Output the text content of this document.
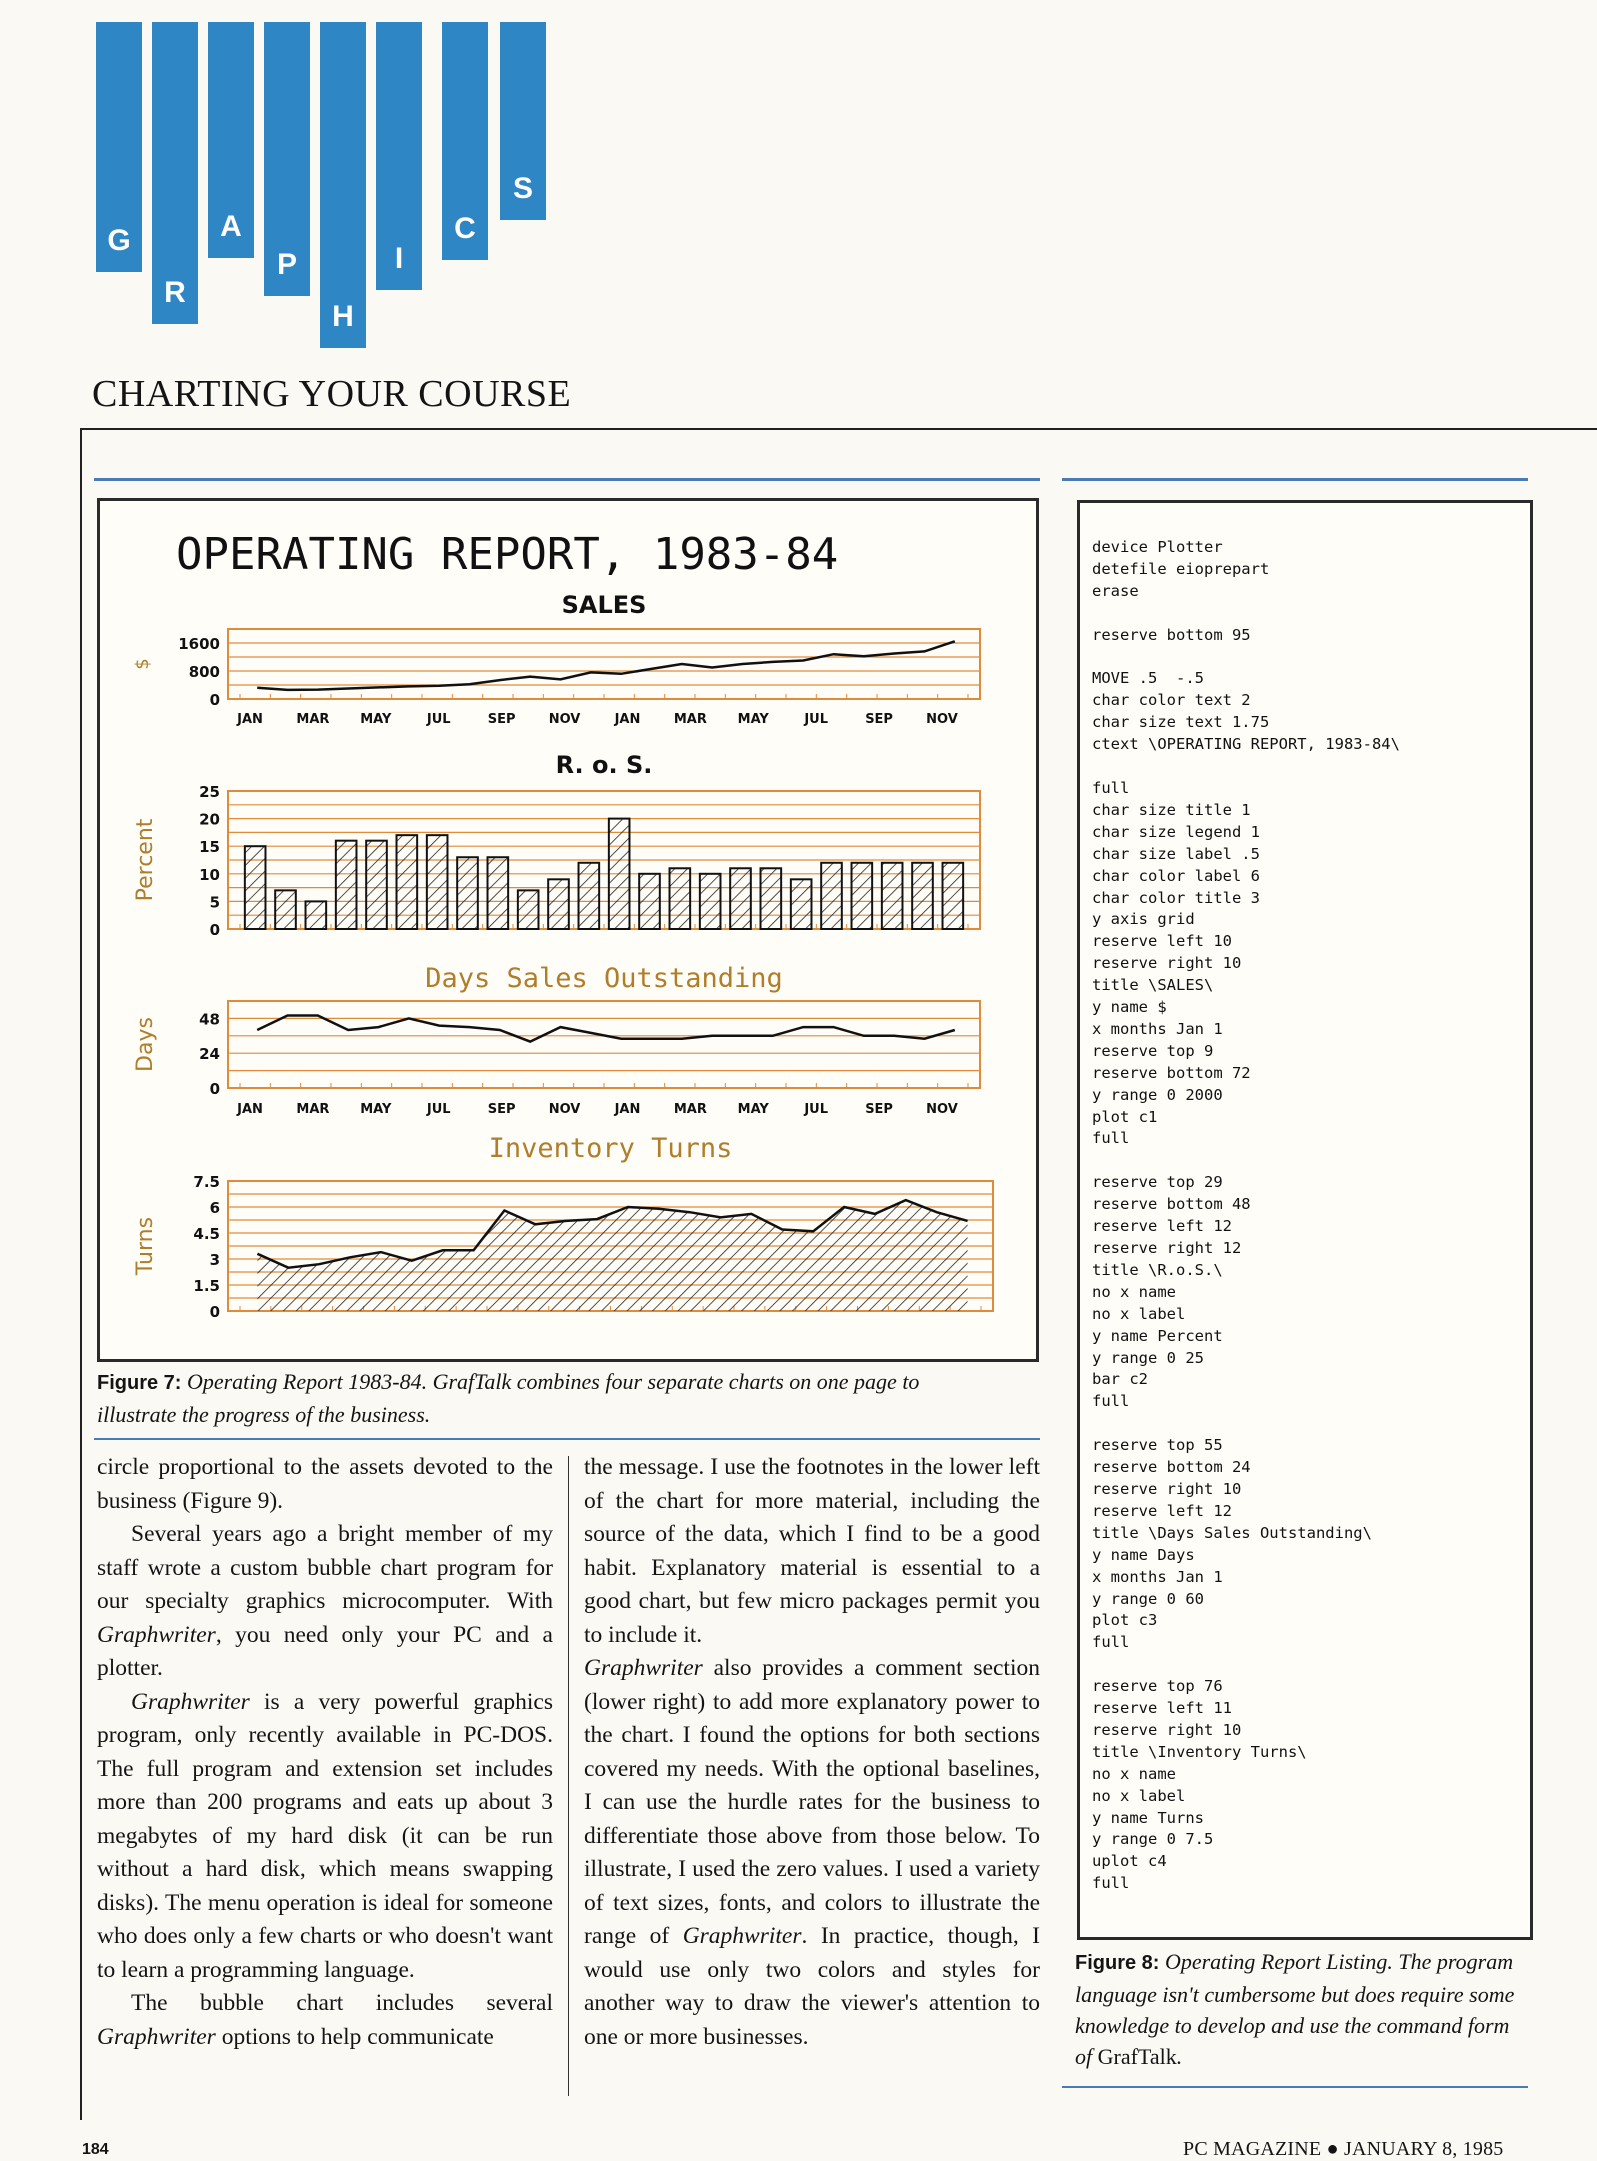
G
R
A
P
H
I
C
S
CHARTING YOUR COURSE
OPERATING REPORT, 1983-84
SALES
$
0
800
1600
JAN	MAR MAY	JUL	SEP	NOV	JAN	MAR MAY	JUL	SEP	NOV
R. o. S.
Percent
0
5
10
15
20
25
Days Sales Outstanding
Days
0
24
48
JAN	MAR MAY	JUL	SEP	NOV	JAN	MAR MAY	JUL	SEP	NOV
Inventory Turns
Turns
0
1.5
3
4.5
6
7.5
Figure 7: Operating Report 1983-84. GrafTalk combines four separate charts on one page to illustrate the progress of the business.

circle proportional to the assets devoted to the business (Figure 9).

Several years ago a bright member of my staff wrote a custom bubble chart program for our specialty graphics microcomputer. With Graphwriter, you need only your PC and a plotter.

Graphwriter is a very powerful graphics program, only recently available in PC-DOS. The full program and extension set includes more than 200 programs and eats up about 3 megabytes of my hard disk (it can be run without a hard disk, which means swapping disks). The menu operation is ideal for someone who does only a few charts or who doesn't want to learn a programming language.

The bubble chart includes several Graphwriter options to help communicate

the message. I use the footnotes in the lower left of the chart for more material, including the source of the data, which I find to be a good habit. Explanatory material is essential to a good chart, but few micro packages permit you to include it.

Graphwriter also provides a comment section (lower right) to add more explanatory power to the chart. I found the options for both sections covered my needs. With the optional baselines, I can use the hurdle rates for the business to differentiate those above from those below. To illustrate, I used the zero values. I used a variety of text sizes, fonts, and colors to illustrate the range of Graphwriter. In practice, though, I would use only two colors and styles for another way to draw the viewer's attention to one or more businesses.

device Plotter
detefile eioprepart
erase

reserve bottom 95

MOVE .5  -.5
char color text 2
char size text 1.75
ctext \OPERATING REPORT, 1983-84\

full
char size title 1
char size legend 1
char size label .5
char color label 6
char color title 3
y axis grid
reserve left 10
reserve right 10
title \SALES\
y name $
x months Jan 1
reserve top 9
reserve bottom 72
y range 0 2000
plot c1
full

reserve top 29
reserve bottom 48
reserve left 12
reserve right 12
title \R.o.S.\
no x name
no x label
y name Percent
y range 0 25
bar c2
full

reserve top 55
reserve bottom 24
reserve right 10
reserve left 12
title \Days Sales Outstanding\
y name Days
x months Jan 1
y range 0 60
plot c3
full

reserve top 76
reserve left 11
reserve right 10
title \Inventory Turns\
no x name
no x label
y name Turns
y range 0 7.5
uplot c4
full
Figure 8: Operating Report Listing. The program language isn't cumbersome but does require some knowledge to develop and use the command form of GrafTalk.
184	PC MAGAZINE ● JANUARY 8, 1985
